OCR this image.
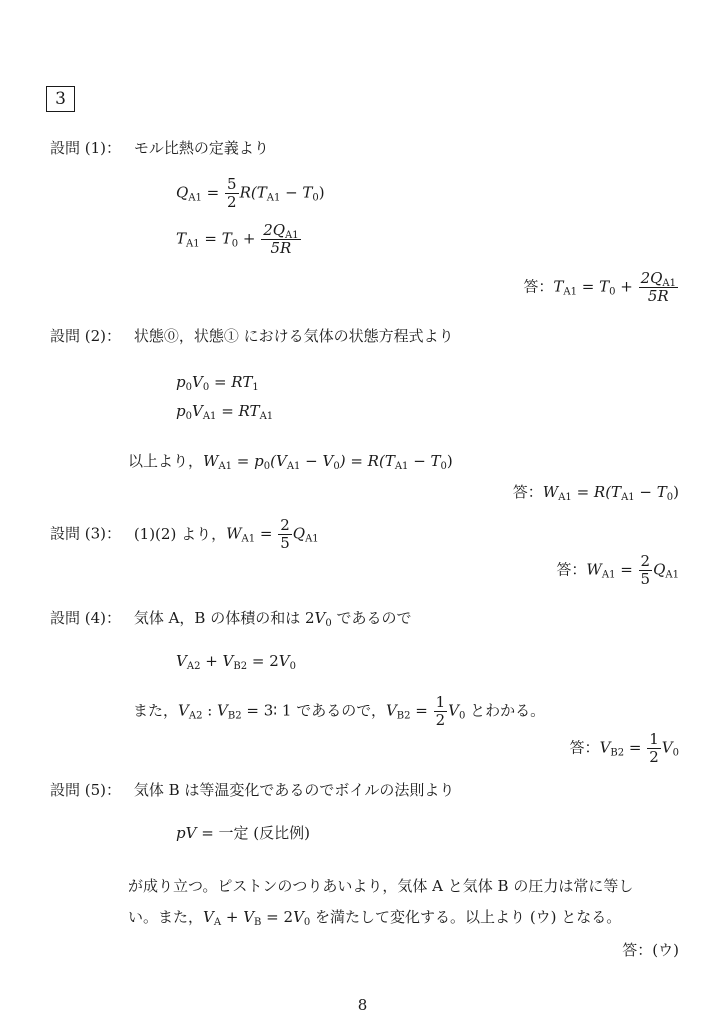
3
設問 (1)： モル比熱の定義より
$Q_{A1} = \frac{5}{2} R(T_{A1} - T_0)$
$T_{A1} = T_0 + \frac{2Q_{A1}}{5R}$
答：$T_{A1} = T_0 + \frac{2Q_{A1}}{5R}$
設問 (2)： 状態⓪，状態① における気体の状態方程式より
$p_0V_0 = RT_1$
$p_0V_{A1} = RT_{A1}$
以上より，$W_{A1} = p_0(V_{A1} - V_0) = R(T_{A1} - T_0)$
答：$W_{A1} = R(T_{A1} - T_0)$
設問 (3)： (1)(2) より，$W_{A1} = \frac{2}{5} Q_{A1}$
答：$W_{A1} = \frac{2}{5} Q_{A1}$
設問 (4)： 気体 A，B の体積の和は $2V_0$ であるので
$V_{A2} + V_{B2} = 2V_0$
また，$V_{A2}$ : $V_{B2}$ = 3∶ 1 であるので，$V_{B2} = \frac{1}{2} V_0$ とわかる。
答：$V_{B2} = \frac{1}{2} V_0$
設問 (5)： 気体 B は等温変化であるのでボイルの法則より
pV = 一定 (反比例)
が成り立つ。ピストンのつりあいより，気体 A と気体 B の圧力は常に等し
い。また，$V_A + V_B = 2V_0$ を満たして変化する。以上より (ウ) となる。
答：(ウ)
8
